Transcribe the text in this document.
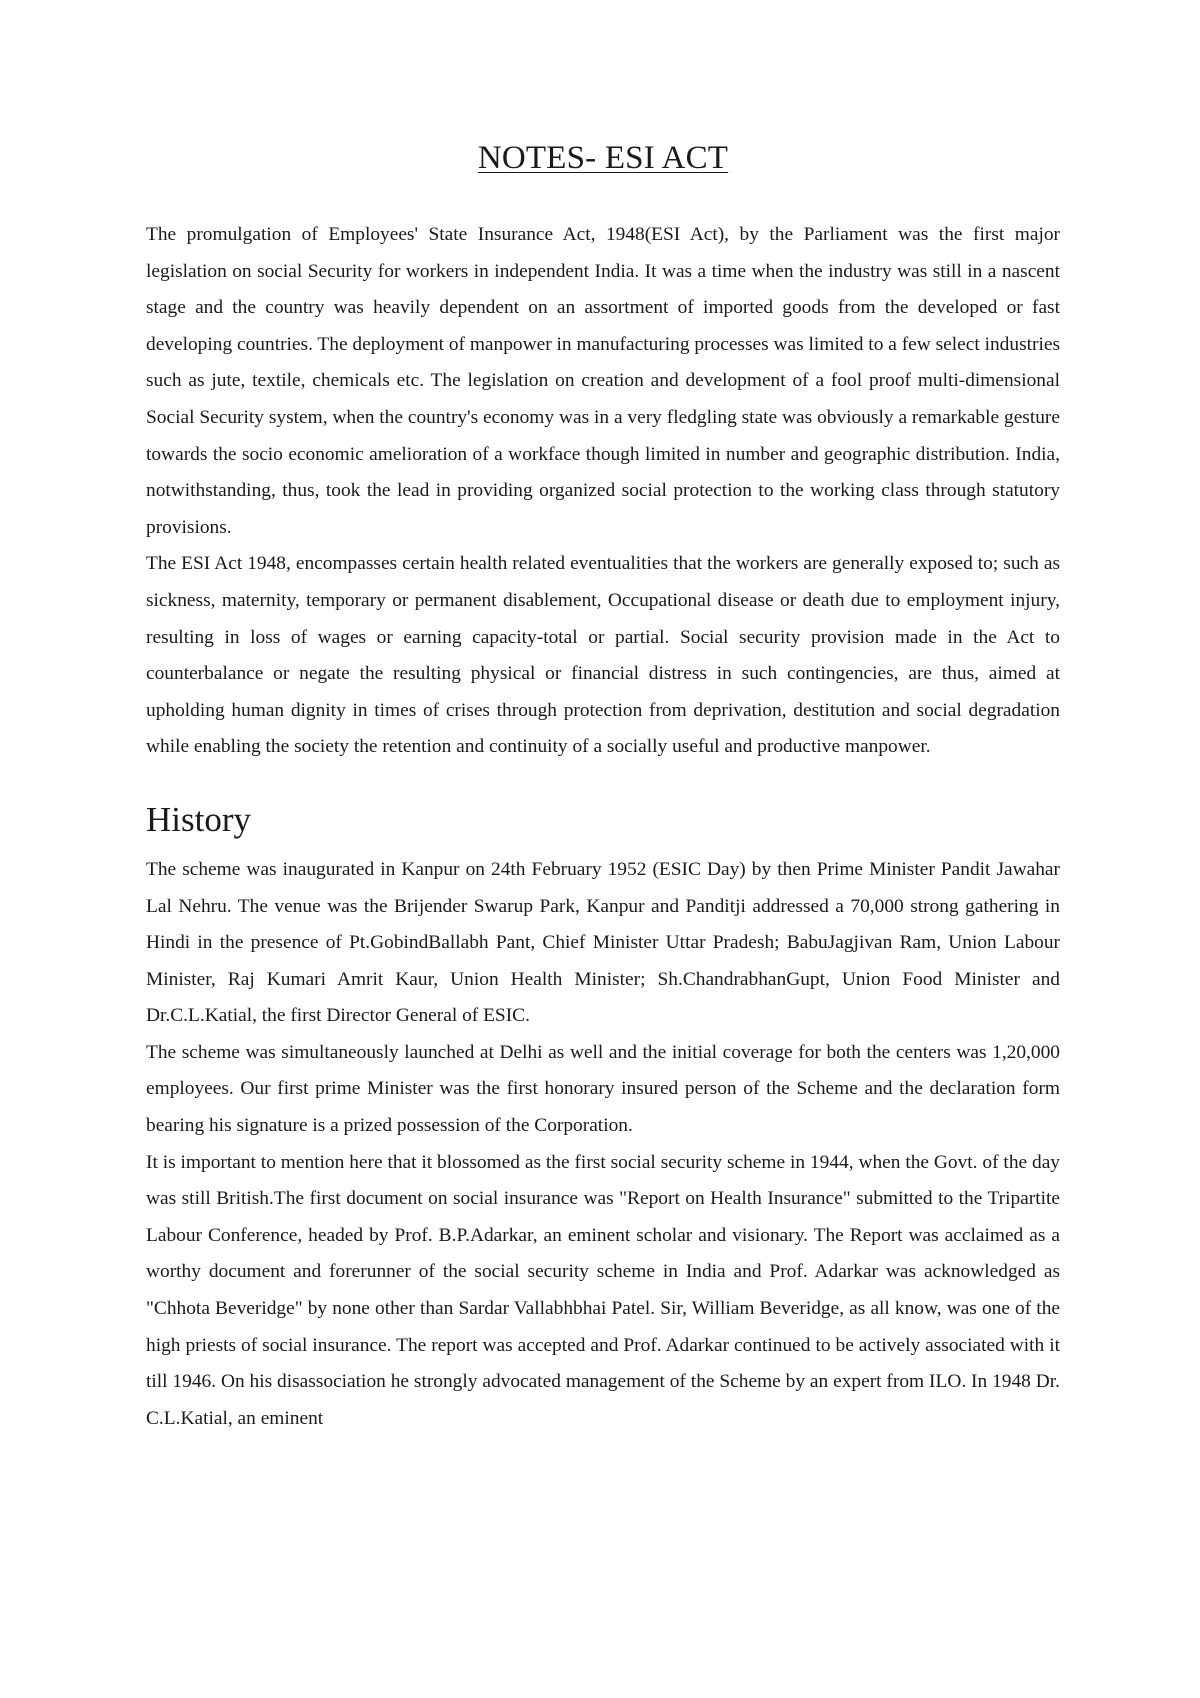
NOTES- ESI ACT

The promulgation of Employees' State Insurance Act, 1948(ESI Act), by the Parliament was the first major legislation on social Security for workers in independent India. It was a time when the industry was still in a nascent stage and the country was heavily dependent on an assortment of imported goods from the developed or fast developing countries. The deployment of manpower in manufacturing processes was limited to a few select industries such as jute, textile, chemicals etc. The legislation on creation and development of a fool proof multi-dimensional Social Security system, when the country's economy was in a very fledgling state was obviously a remarkable gesture towards the socio economic amelioration of a workface though limited in number and geographic distribution. India, notwithstanding, thus, took the lead in providing organized social protection to the working class through statutory provisions.

The ESI Act 1948, encompasses certain health related eventualities that the workers are generally exposed to; such as sickness, maternity, temporary or permanent disablement, Occupational disease or death due to employment injury, resulting in loss of wages or earning capacity-total or partial. Social security provision made in the Act to counterbalance or negate the resulting physical or financial distress in such contingencies, are thus, aimed at upholding human dignity in times of crises through protection from deprivation, destitution and social degradation while enabling the society the retention and continuity of a socially useful and productive manpower.

History

The scheme was inaugurated in Kanpur on 24th February 1952 (ESIC Day) by then Prime Minister Pandit Jawahar Lal Nehru. The venue was the Brijender Swarup Park, Kanpur and Panditji addressed a 70,000 strong gathering in Hindi in the presence of Pt.GobindBallabh Pant, Chief Minister Uttar Pradesh; BabuJagjivan Ram, Union Labour Minister, Raj Kumari Amrit Kaur, Union Health Minister; Sh.ChandrabhanGupt, Union Food Minister and Dr.C.L.Katial, the first Director General of ESIC.

The scheme was simultaneously launched at Delhi as well and the initial coverage for both the centers was 1,20,000 employees. Our first prime Minister was the first honorary insured person of the Scheme and the declaration form bearing his signature is a prized possession of the Corporation.

It is important to mention here that it blossomed as the first social security scheme in 1944, when the Govt. of the day was still British.The first document on social insurance was "Report on Health Insurance" submitted to the Tripartite Labour Conference, headed by Prof. B.P.Adarkar, an eminent scholar and visionary. The Report was acclaimed as a worthy document and forerunner of the social security scheme in India and Prof. Adarkar was acknowledged as "Chhota Beveridge" by none other than Sardar Vallabhbhai Patel. Sir, William Beveridge, as all know, was one of the high priests of social insurance. The report was accepted and Prof. Adarkar continued to be actively associated with it till 1946. On his disassociation he strongly advocated management of the Scheme by an expert from ILO. In 1948 Dr. C.L.Katial, an eminent
